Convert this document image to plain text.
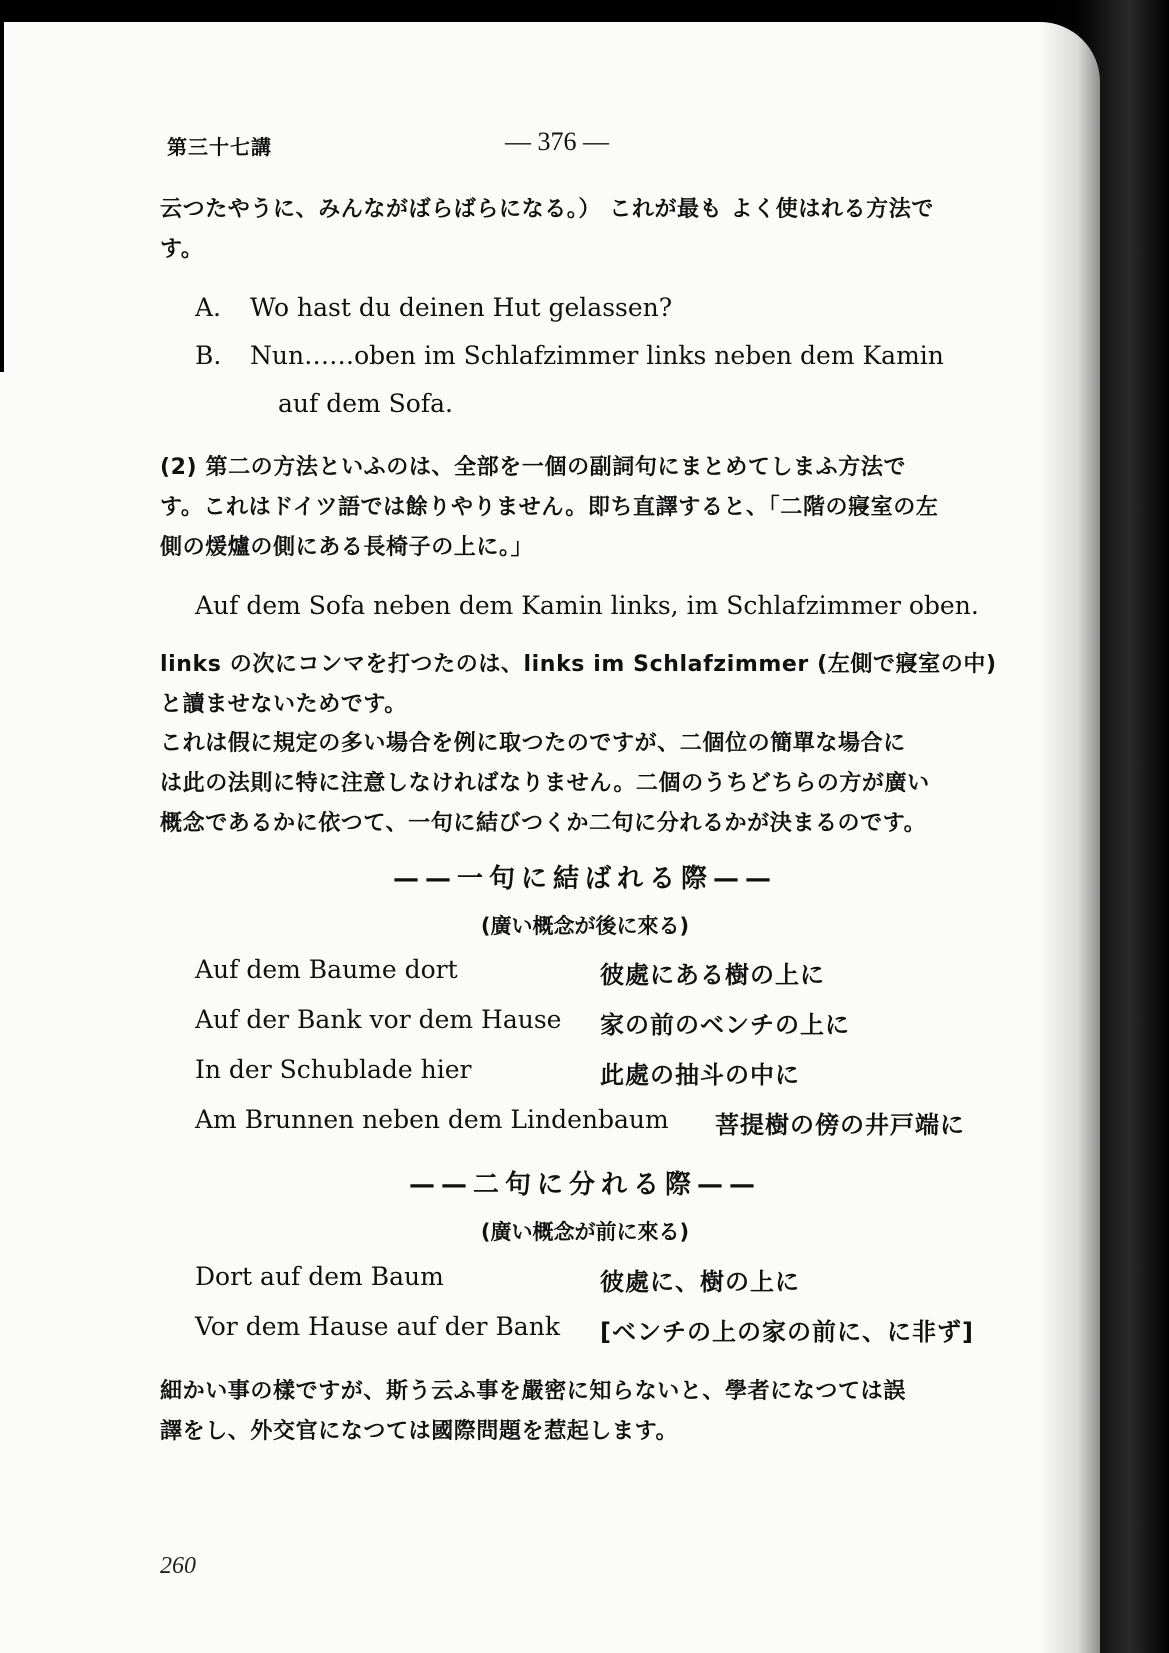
第三十七講	— 376 —
云つたやうに、みんながばらばらになる。） これが最も よく使はれる方法で
す。
A. Wo hast du deinen Hut gelassen?
B. Nun……oben im Schlafzimmer links neben dem Kamin
auf dem Sofa.
(2) 第二の方法といふのは、全部を一個の副詞句にまとめてしまふ方法で
す。これはドイツ語では餘りやりません。即ち直譯すると、「二階の寢室の左
側の煖爐の側にある長椅子の上に。」
Auf dem Sofa neben dem Kamin links, im Schlafzimmer oben.
links の次にコンマを打つたのは、links im Schlafzimmer (左側で寢室の中)
と讀ませないためです。
これは假に規定の多い場合を例に取つたのですが、二個位の簡單な場合に
は此の法則に特に注意しなければなりません。二個のうちどちらの方が廣い
概念であるかに依つて、一句に結びつくか二句に分れるかが決まるのです。
——一句に結ばれる際——
(廣い概念が後に來る)
Auf dem Baume dort	彼處にある樹の上に
Auf der Bank vor dem Hause 家の前のベンチの上に
In der Schublade hier	此處の抽斗の中に
Am Brunnen neben dem Lindenbaum 菩提樹の傍の井戸端に
——二句に分れる際——
(廣い概念が前に來る)
Dort auf dem Baum	彼處に、樹の上に
Vor dem Hause auf der Bank [ベンチの上の家の前に、に非ず]
細かい事の樣ですが、斯う云ふ事を嚴密に知らないと、學者になつては誤
譯をし、外交官になつては國際問題を惹起します。
260
